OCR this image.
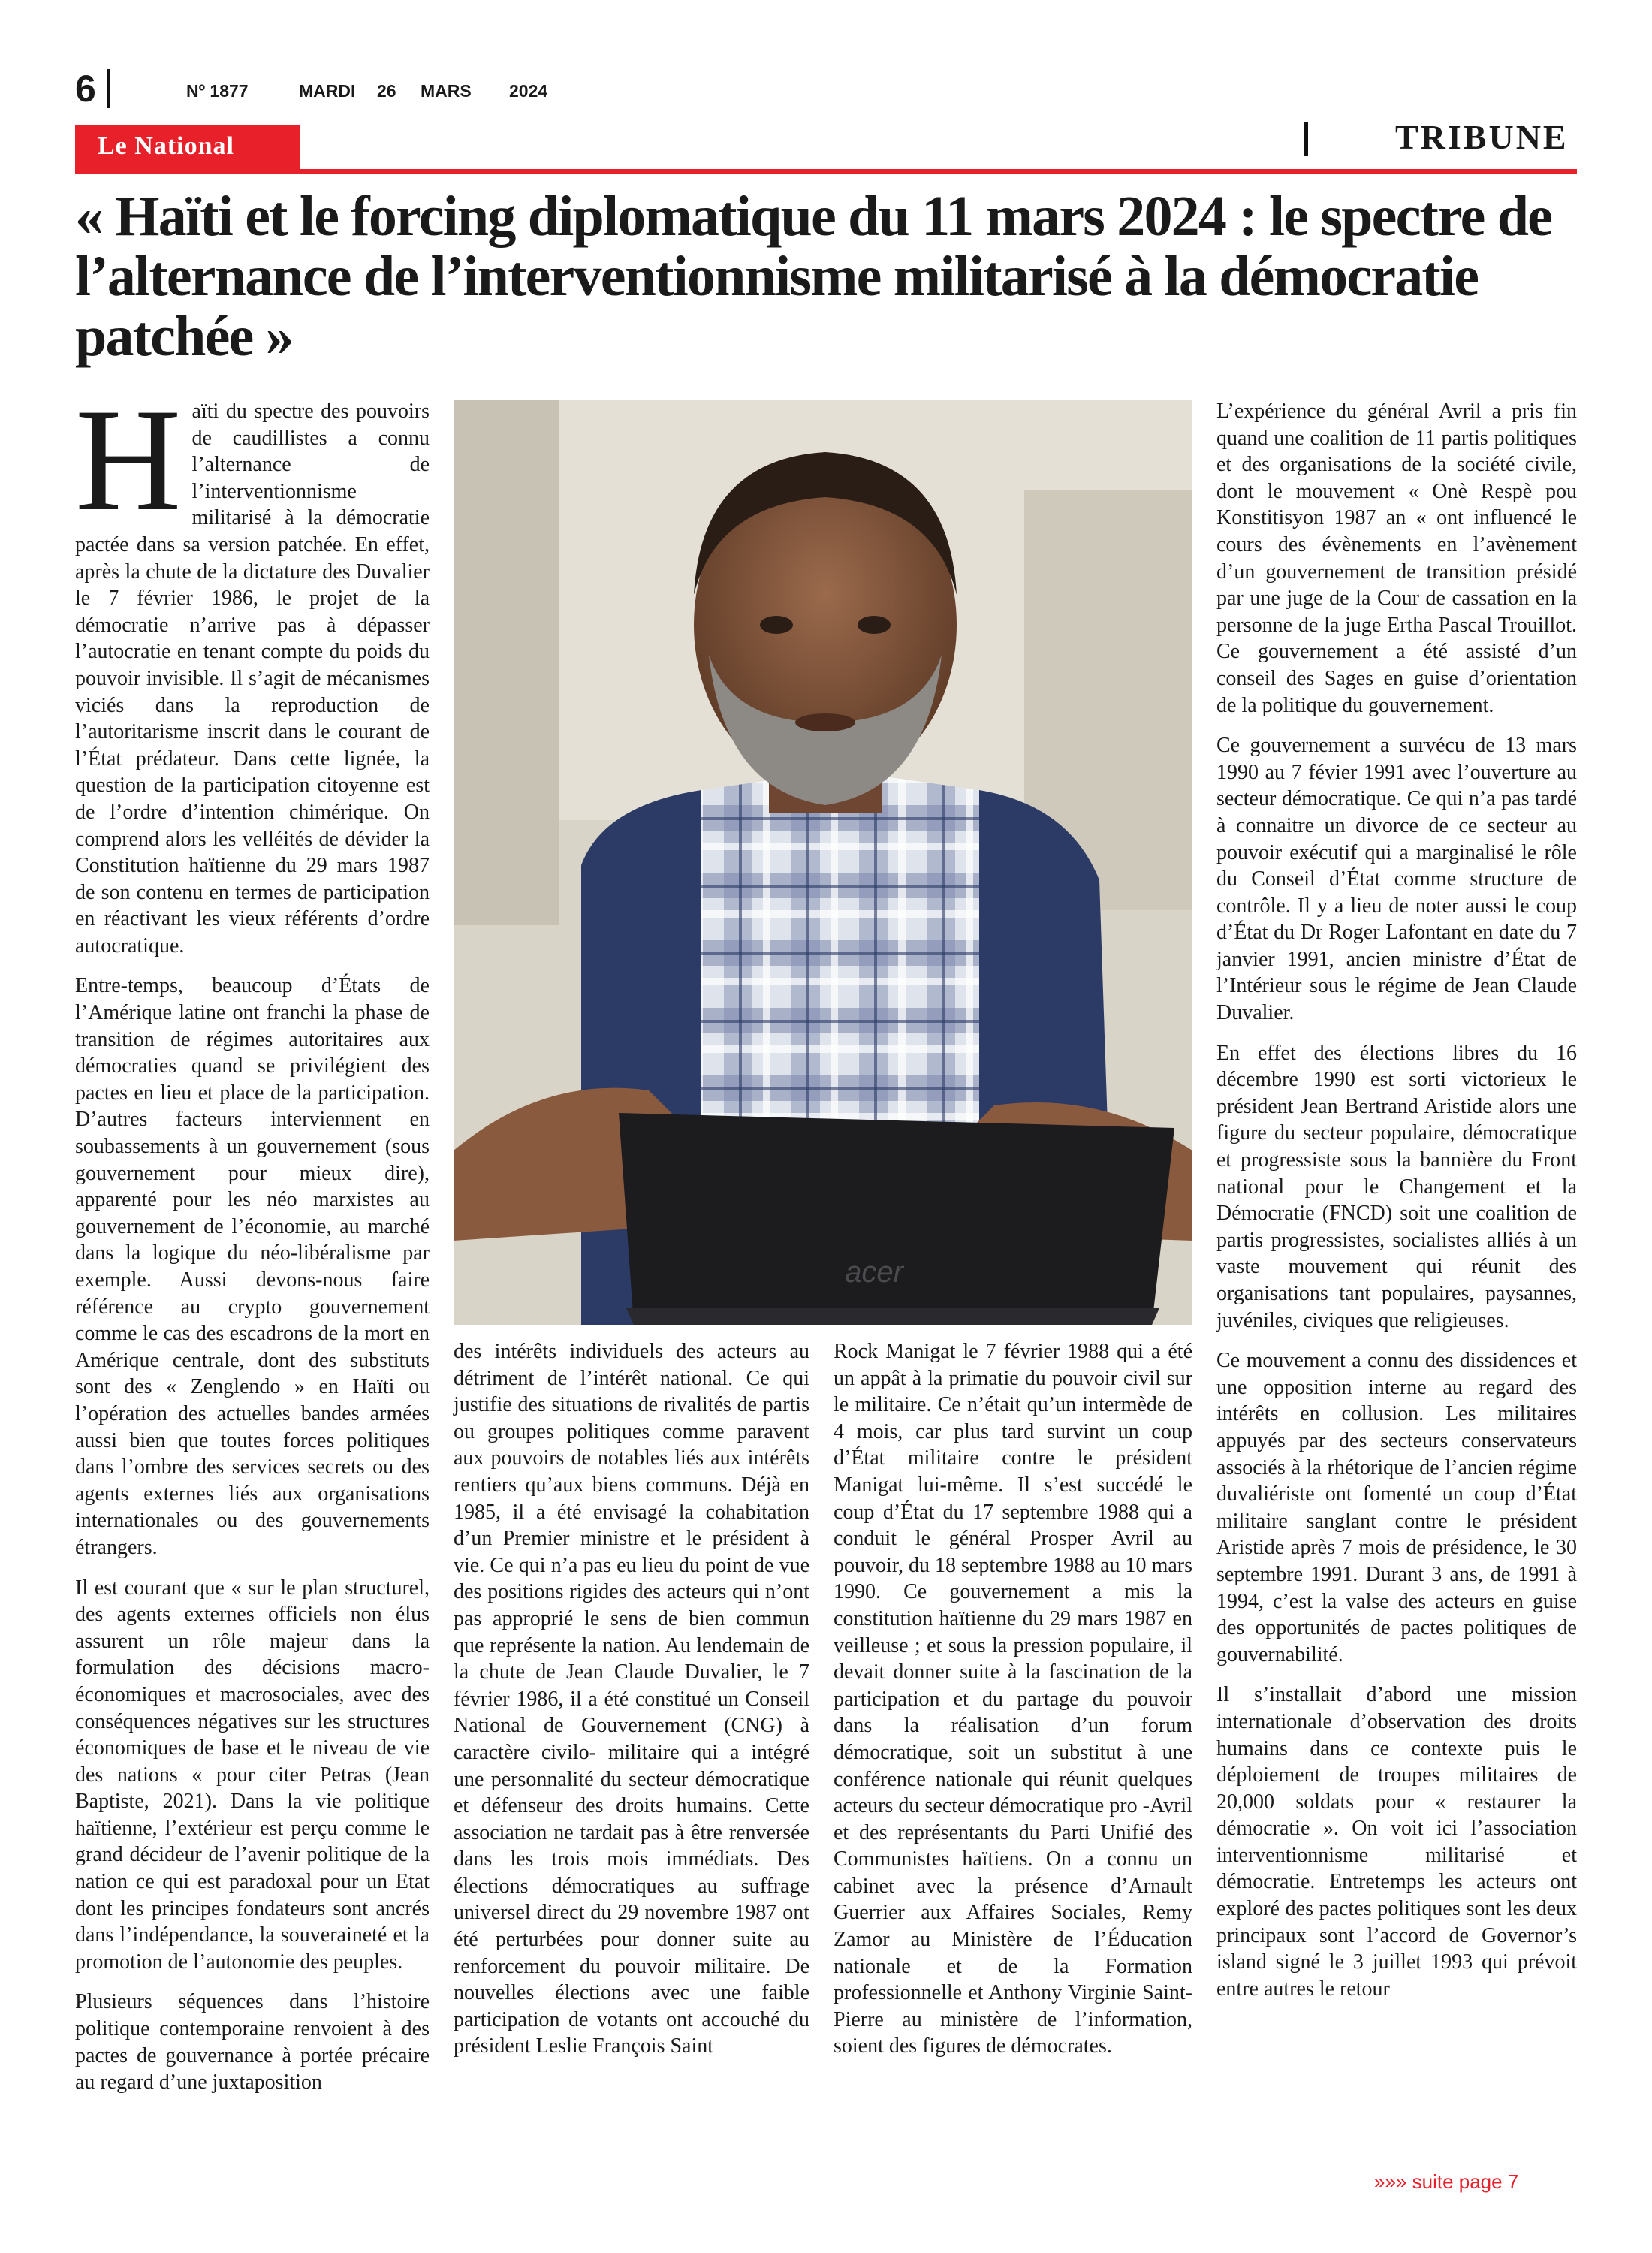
6	Nº 1877	MARDI 26 MARS 2024
Le National	TRIBUNE
« Haïti et le forcing diplomatique du 11 mars 2024 : le spectre de l’alternance de l’interventionnisme militarisé à la démocratie patchée »

Haïti du spectre des pouvoirs de caudillistes a connu l’alternance de l’interventionnisme militarisé à la démocratie pactée dans sa version patchée. En effet, après la chute de la dictature des Duvalier le 7 février 1986, le projet de la démocratie n’arrive pas à dépasser l’autocratie en tenant compte du poids du pouvoir invisible. Il s’agit de mécanismes viciés dans la reproduction de l’autoritarisme inscrit dans le courant de l’État prédateur. Dans cette lignée, la question de la participation citoyenne est de l’ordre d’intention chimérique. On comprend alors les velléités de dévider la Constitution haïtienne du 29 mars 1987 de son contenu en termes de participation en réactivant les vieux référents d’ordre autocratique.

Entre-temps, beaucoup d’États de l’Amérique latine ont franchi la phase de transition de régimes autoritaires aux démocraties quand se privilégient des pactes en lieu et place de la participation. D’autres facteurs interviennent en soubassements à un gouvernement (sous gouvernement pour mieux dire), apparenté pour les néo marxistes au gouvernement de l’économie, au marché dans la logique du néo-libéralisme par exemple. Aussi devons-nous faire référence au crypto gouvernement comme le cas des escadrons de la mort en Amérique centrale, dont des substituts sont des « Zenglendo » en Haïti ou l’opération des actuelles bandes armées aussi bien que toutes forces politiques dans l’ombre des services secrets ou des agents externes liés aux organisations internationales ou des gouvernements étrangers.

Il est courant que « sur le plan structurel, des agents externes officiels non élus assurent un rôle majeur dans la formulation des décisions macro-économiques et macrosociales, avec des conséquences négatives sur les structures économiques de base et le niveau de vie des nations « pour citer Petras (Jean Baptiste, 2021). Dans la vie politique haïtienne, l’extérieur est perçu comme le grand décideur de l’avenir politique de la nation ce qui est paradoxal pour un Etat dont les principes fondateurs sont ancrés dans l’indépendance, la souveraineté et la promotion de l’autonomie des peuples.

Plusieurs séquences dans l’histoire politique contemporaine renvoient à des pactes de gouvernance à portée précaire au regard d’une juxtaposition

acer

des intérêts individuels des acteurs au détriment de l’intérêt national. Ce qui justifie des situations de rivalités de partis ou groupes politiques comme paravent aux pouvoirs de notables liés aux intérêts rentiers qu’aux biens communs. Déjà en 1985, il a été envisagé la cohabitation d’un Premier ministre et le président à vie. Ce qui n’a pas eu lieu du point de vue des positions rigides des acteurs qui n’ont pas approprié le sens de bien commun que représente la nation. Au lendemain de la chute de Jean Claude Duvalier, le 7 février 1986, il a été constitué un Conseil National de Gouvernement (CNG) à caractère civilo- militaire qui a intégré une personnalité du secteur démocratique et défenseur des droits humains. Cette association ne tardait pas à être renversée dans les trois mois immédiats. Des élections démocratiques au suffrage universel direct du 29 novembre 1987 ont été perturbées pour donner suite au renforcement du pouvoir militaire. De nouvelles élections avec une faible participation de votants ont accouché du président Leslie François Saint

Rock Manigat le 7 février 1988 qui a été un appât à la primatie du pouvoir civil sur le militaire. Ce n’était qu’un intermède de 4 mois, car plus tard survint un coup d’État militaire contre le président Manigat lui-même. Il s’est succédé le coup d’État du 17 septembre 1988 qui a conduit le général Prosper Avril au pouvoir, du 18 septembre 1988 au 10 mars 1990. Ce gouvernement a mis la constitution haïtienne du 29 mars 1987 en veilleuse ; et sous la pression populaire, il devait donner suite à la fascination de la participation et du partage du pouvoir dans la réalisation d’un forum démocratique, soit un substitut à une conférence nationale qui réunit quelques acteurs du secteur démocratique pro -Avril et des représentants du Parti Unifié des Communistes haïtiens. On a connu un cabinet avec la présence d’Arnault Guerrier aux Affaires Sociales, Remy Zamor au Ministère de l’Éducation nationale et de la Formation professionnelle et Anthony Virginie Saint-Pierre au ministère de l’information, soient des figures de démocrates.

L’expérience du général Avril a pris fin quand une coalition de 11 partis politiques et des organisations de la société civile, dont le mouvement « Onè Respè pou Konstitisyon 1987 an « ont influencé le cours des évènements en l’avènement d’un gouvernement de transition présidé par une juge de la Cour de cassation en la personne de la juge Ertha Pascal Trouillot. Ce gouvernement a été assisté d’un conseil des Sages en guise d’orientation de la politique du gouvernement.

Ce gouvernement a survécu de 13 mars 1990 au 7 févier 1991 avec l’ouverture au secteur démocratique. Ce qui n’a pas tardé à connaitre un divorce de ce secteur au pouvoir exécutif qui a marginalisé le rôle du Conseil d’État comme structure de contrôle. Il y a lieu de noter aussi le coup d’État du Dr Roger Lafontant en date du 7 janvier 1991, ancien ministre d’État de l’Intérieur sous le régime de Jean Claude Duvalier.

En effet des élections libres du 16 décembre 1990 est sorti victorieux le président Jean Bertrand Aristide alors une figure du secteur populaire, démocratique et progressiste sous la bannière du Front national pour le Changement et la Démocratie (FNCD) soit une coalition de partis progressistes, socialistes alliés à un vaste mouvement qui réunit des organisations tant populaires, paysannes, juvéniles, civiques que religieuses.

Ce mouvement a connu des dissidences et une opposition interne au regard des intérêts en collusion. Les militaires appuyés par des secteurs conservateurs associés à la rhétorique de l’ancien régime duvaliériste ont fomenté un coup d’État militaire sanglant contre le président Aristide après 7 mois de présidence, le 30 septembre 1991. Durant 3 ans, de 1991 à 1994, c’est la valse des acteurs en guise des opportunités de pactes politiques de gouvernabilité.

Il s’installait d’abord une mission internationale d’observation des droits humains dans ce contexte puis le déploiement de troupes militaires de 20,000 soldats pour « restaurer la démocratie ». On voit ici l’association interventionnisme militarisé et démocratie. Entretemps les acteurs ont exploré des pactes politiques sont les deux principaux sont l’accord de Governor’s island signé le 3 juillet 1993 qui prévoit entre autres le retour

»»» suite page 7
